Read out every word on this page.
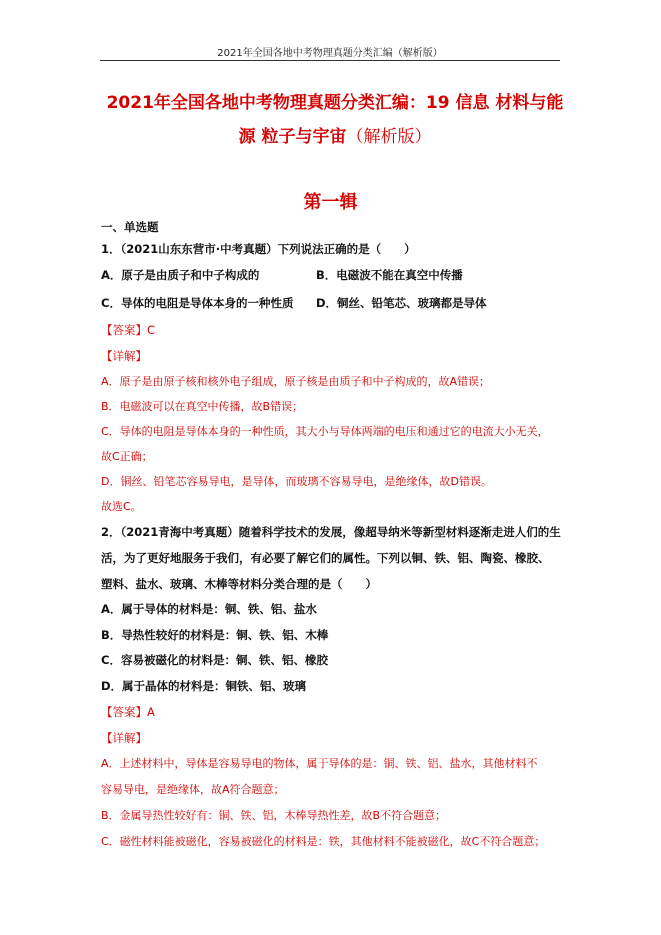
2021年全国各地中考物理真题分类汇编（解析版）
2021年全国各地中考物理真题分类汇编：19 信息 材料与能
源 粒子与宇宙（解析版）
第一辑
一、单选题
1．（2021山东东营市·中考真题）下列说法正确的是（　　）
A．原子是由质子和中子构成的	B．电磁波不能在真空中传播
C．导体的电阻是导体本身的一种性质	D．铜丝、铅笔芯、玻璃都是导体
【答案】C
【详解】
A．原子是由原子核和核外电子组成，原子核是由质子和中子构成的，故A错误；
B．电磁波可以在真空中传播，故B错误；
C．导体的电阻是导体本身的一种性质，其大小与导体两端的电压和通过它的电流大小无关，
故C正确；
D．铜丝、铅笔芯容易导电，是导体，而玻璃不容易导电，是绝缘体，故D错误。
故选C。
2．（2021青海中考真题）随着科学技术的发展，像超导纳米等新型材料逐渐走进人们的生
活，为了更好地服务于我们，有必要了解它们的属性。下列以铜、铁、铝、陶瓷、橡胶、
塑料、盐水、玻璃、木棒等材料分类合理的是（　　）
A．属于导体的材料是：铜、铁、铝、盐水
B．导热性较好的材料是：铜、铁、铝、木棒
C．容易被磁化的材料是：铜、铁、铝、橡胶
D．属于晶体的材料是：铜铁、铝、玻璃
【答案】A
【详解】
A．上述材料中，导体是容易导电的物体，属于导体的是：铜、铁、铝、盐水，其他材料不
容易导电，是绝缘体，故A符合题意；
B．金属导热性较好有：铜、铁、铝，木棒导热性差，故B不符合题意；
C．磁性材料能被磁化，容易被磁化的材料是：铁，其他材料不能被磁化，故C不符合题意；
